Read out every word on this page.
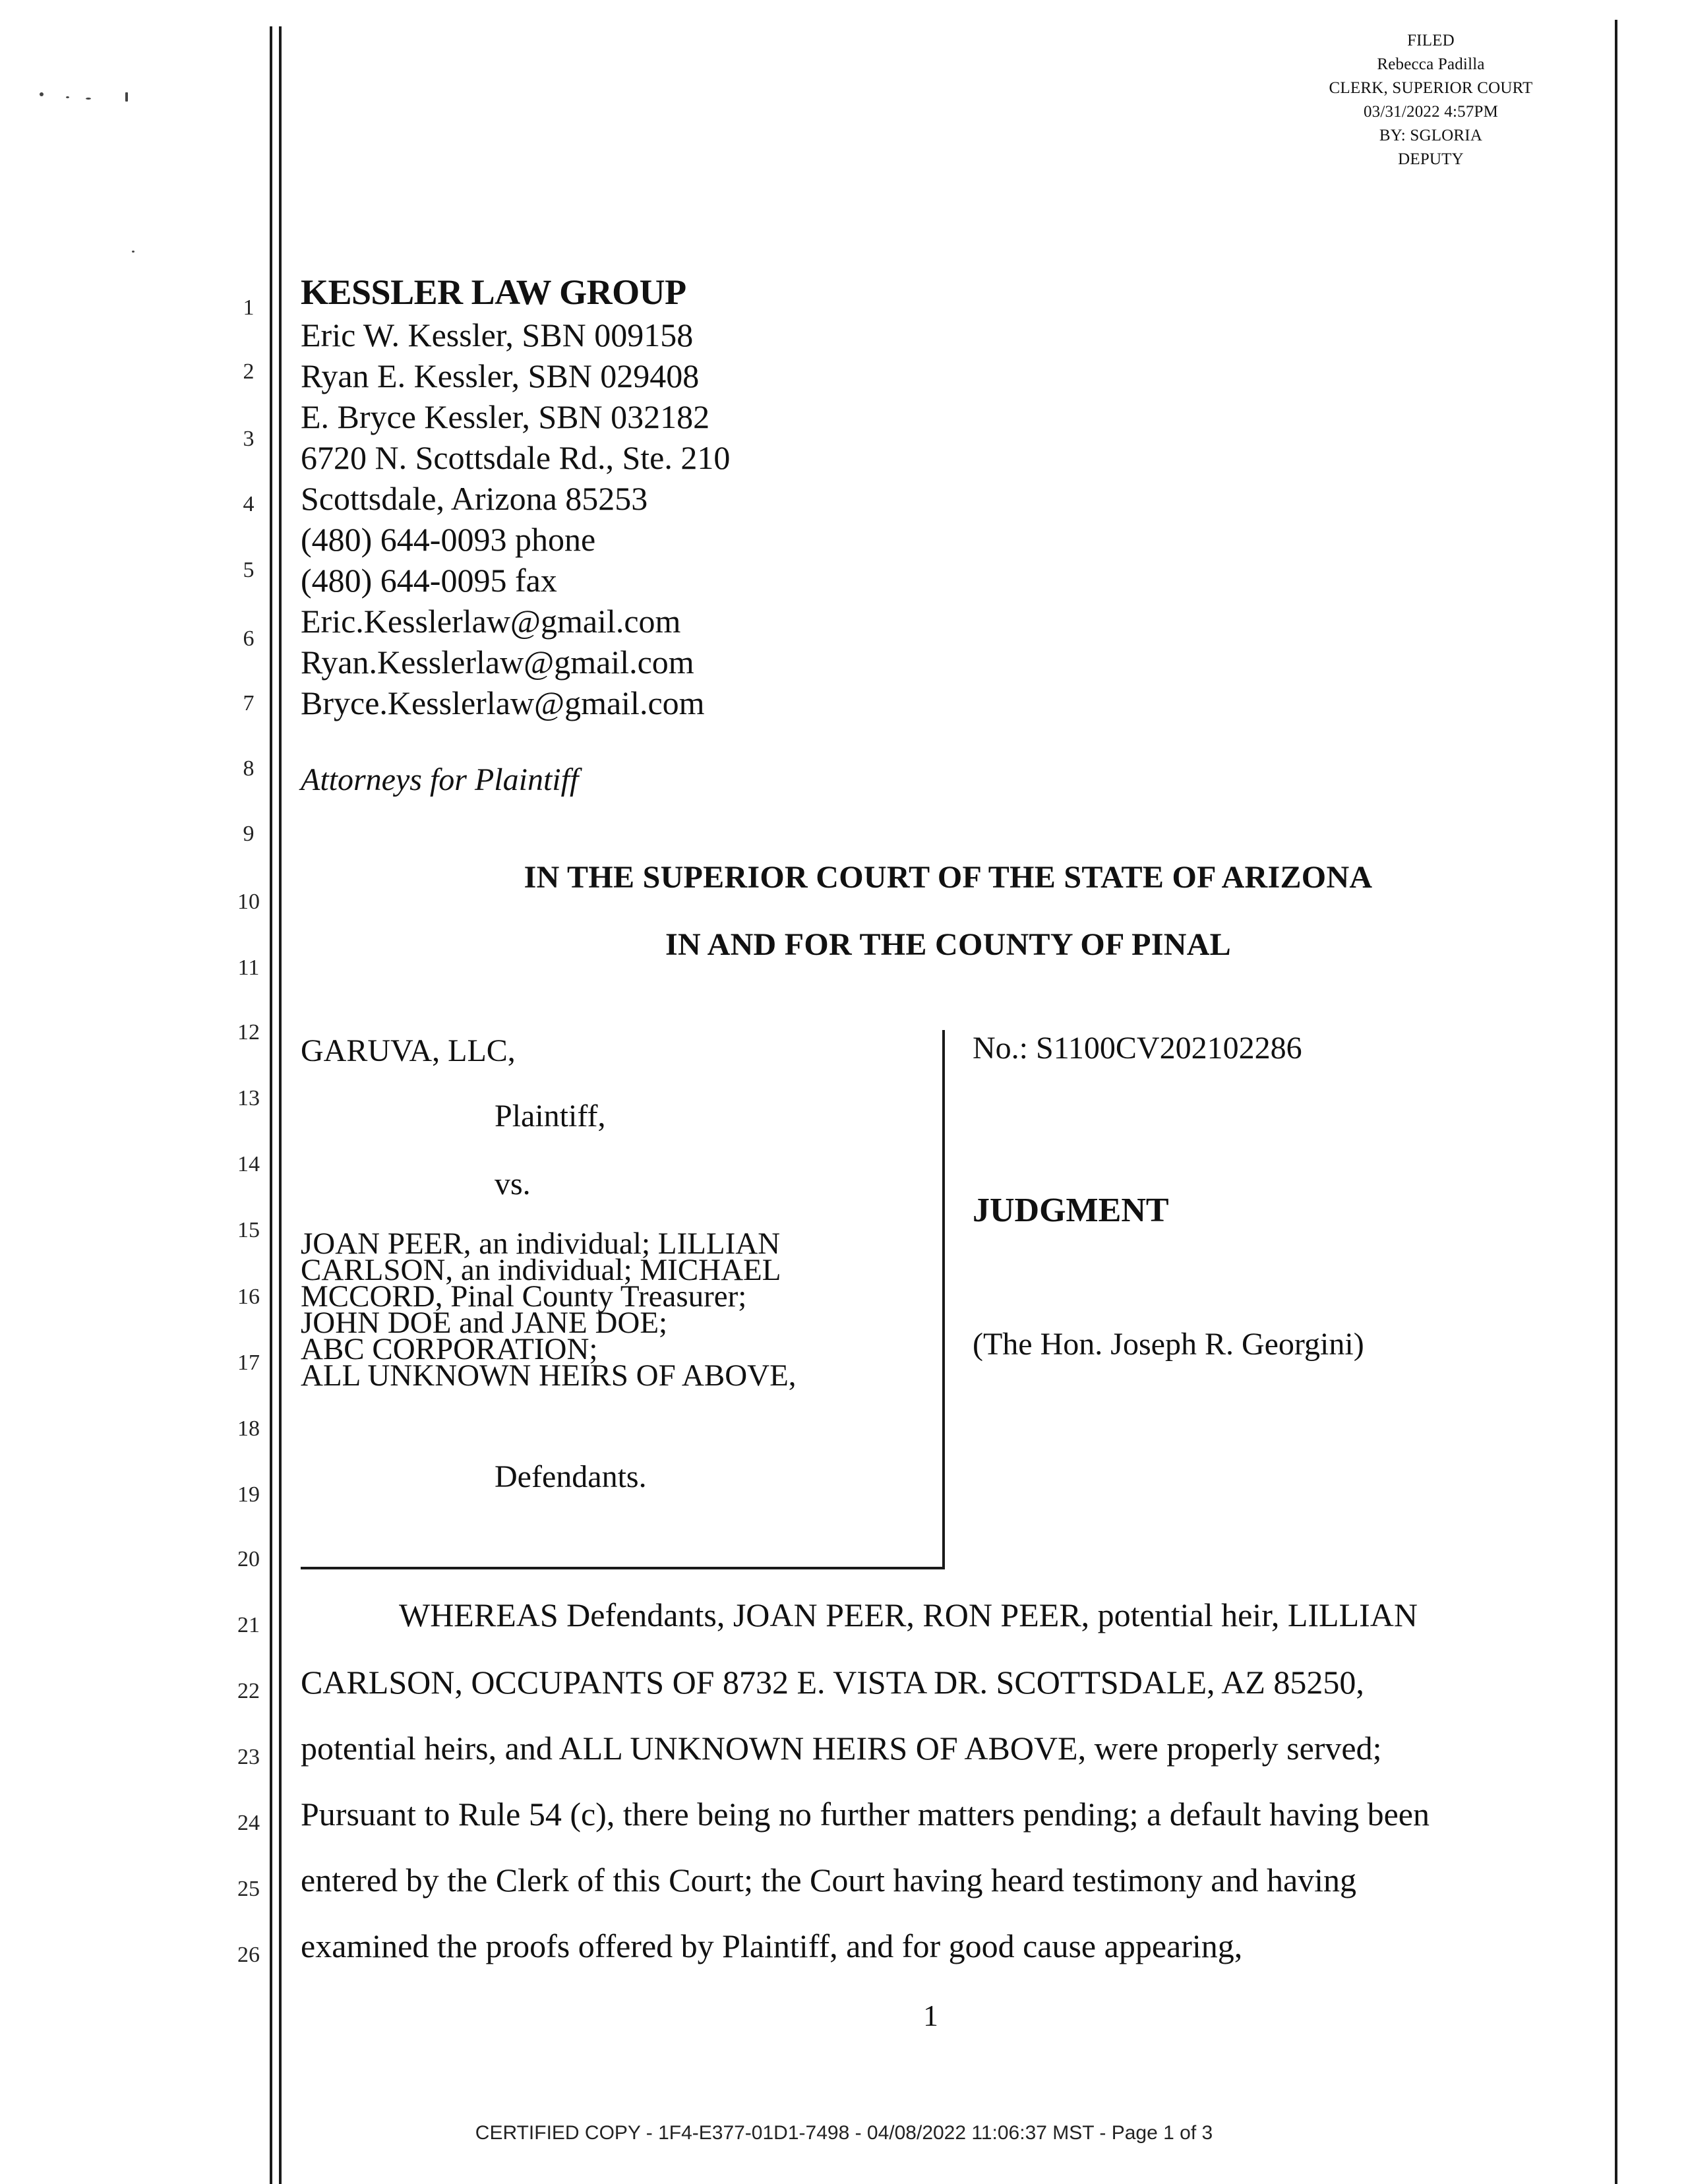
FILED
Rebecca Padilla
CLERK, SUPERIOR COURT
03/31/2022 4:57PM
BY: SGLORIA
DEPUTY
1
2
3
4
5
6
7
8
9
10
11
12
13
14
15
16
17
18
19
20
21
22
23
24
25
26
KESSLER LAW GROUP
Eric W. Kessler, SBN 009158
Ryan E. Kessler, SBN 029408
E. Bryce Kessler, SBN 032182
6720 N. Scottsdale Rd., Ste. 210
Scottsdale, Arizona 85253
(480) 644-0093 phone
(480) 644-0095 fax
Eric.Kesslerlaw@gmail.com
Ryan.Kesslerlaw@gmail.com
Bryce.Kesslerlaw@gmail.com
Attorneys for Plaintiff
IN THE SUPERIOR COURT OF THE STATE OF ARIZONA
IN AND FOR THE COUNTY OF PINAL
GARUVA, LLC,
Plaintiff,
vs.
JOAN PEER, an individual; LILLIAN
CARLSON, an individual; MICHAEL
MCCORD, Pinal County Treasurer;
JOHN DOE and JANE DOE;
ABC CORPORATION;
ALL UNKNOWN HEIRS OF ABOVE,
Defendants.
No.: S1100CV202102286
JUDGMENT
(The Hon. Joseph R. Georgini)
WHEREAS Defendants, JOAN PEER, RON PEER, potential heir, LILLIAN
CARLSON, OCCUPANTS OF 8732 E. VISTA DR. SCOTTSDALE, AZ 85250,
potential heirs, and ALL UNKNOWN HEIRS OF ABOVE, were properly served;
Pursuant to Rule 54 (c), there being no further matters pending; a default having been
entered by the Clerk of this Court; the Court having heard testimony and having
examined the proofs offered by Plaintiff, and for good cause appearing,
1
CERTIFIED COPY - 1F4-E377-01D1-7498 - 04/08/2022 11:06:37 MST - Page 1 of 3
